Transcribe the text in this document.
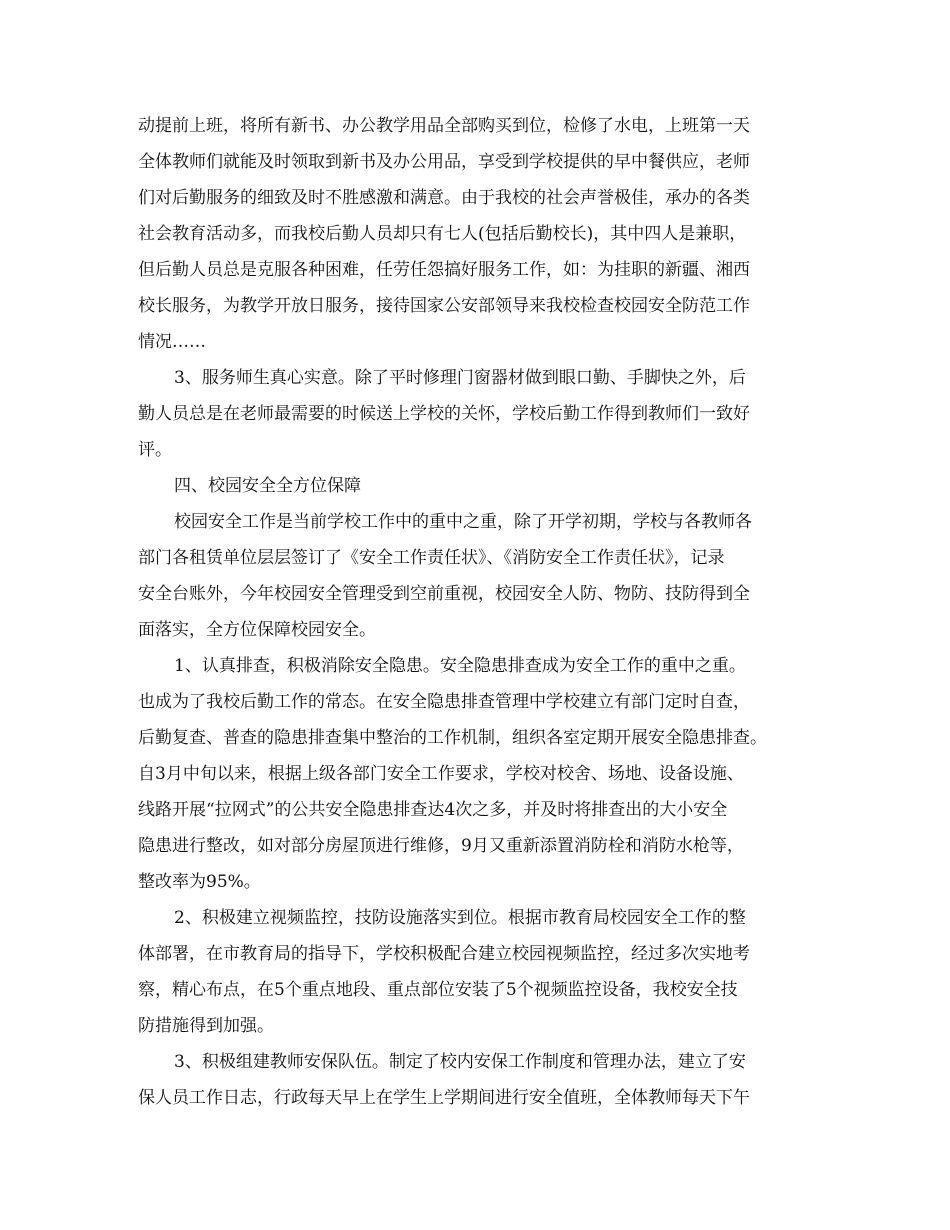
动提前上班，将所有新书、办公教学用品全部购买到位，检修了水电，上班第一天
全体教师们就能及时领取到新书及办公用品，享受到学校提供的早中餐供应，老师
们对后勤服务的细致及时不胜感激和满意。由于我校的社会声誉极佳，承办的各类
社会教育活动多，而我校后勤人员却只有七人(包括后勤校长)，其中四人是兼职，
但后勤人员总是克服各种困难，任劳任怨搞好服务工作，如：为挂职的新疆、湘西
校长服务，为教学开放日服务，接待国家公安部领导来我校检查校园安全防范工作
情况……
3、服务师生真心实意。除了平时修理门窗器材做到眼口勤、手脚快之外，后
勤人员总是在老师最需要的时候送上学校的关怀，学校后勤工作得到教师们一致好
评。
四、校园安全全方位保障
校园安全工作是当前学校工作中的重中之重，除了开学初期，学校与各教师各
部门各租赁单位层层签订了《安全工作责任状》、《消防安全工作责任状》，记录
安全台账外，今年校园安全管理受到空前重视，校园安全人防、物防、技防得到全
面落实，全方位保障校园安全。
1、认真排查，积极消除安全隐患。安全隐患排查成为安全工作的重中之重。
也成为了我校后勤工作的常态。在安全隐患排查管理中学校建立有部门定时自查，
后勤复查、普查的隐患排查集中整治的工作机制，组织各室定期开展安全隐患排查。
自3月中旬以来，根据上级各部门安全工作要求，学校对校舍、场地、设备设施、
线路开展“拉网式”的公共安全隐患排查达4次之多，并及时将排查出的大小安全
隐患进行整改，如对部分房屋顶进行维修，9月又重新添置消防栓和消防水枪等，
整改率为95%。
2、积极建立视频监控，技防设施落实到位。根据市教育局校园安全工作的整
体部署，在市教育局的指导下，学校积极配合建立校园视频监控，经过多次实地考
察，精心布点，在5个重点地段、重点部位安装了5个视频监控设备，我校安全技
防措施得到加强。
3、积极组建教师安保队伍。制定了校内安保工作制度和管理办法，建立了安
保人员工作日志，行政每天早上在学生上学期间进行安全值班，全体教师每天下午
